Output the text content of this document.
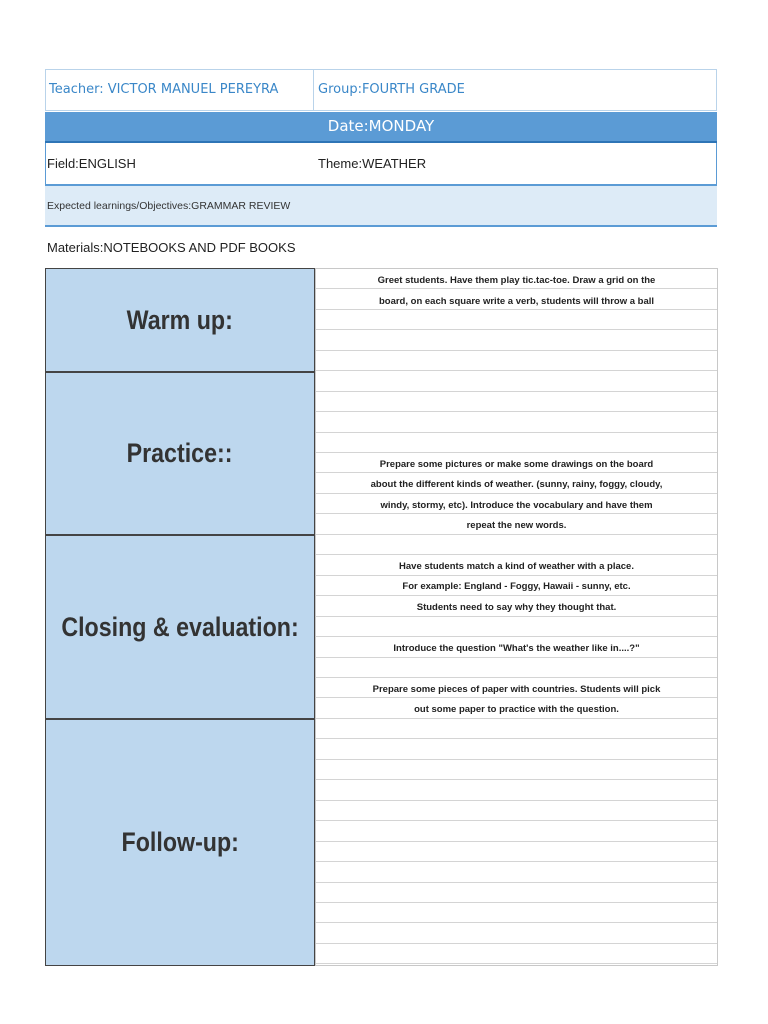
Teacher: VICTOR MANUEL PEREYRA	Group:FOURTH GRADE
Date:MONDAY
Field:ENGLISH	Theme:WEATHER
Expected learnings/Objectives:GRAMMAR REVIEW
Materials:NOTEBOOKS AND PDF BOOKS
Warm up:
Practice::
Closing & evaluation:
Follow-up:
Greet students. Have them play tic.tac-toe. Draw a grid on the
board, on each square write a verb, students will throw a ball
Prepare some pictures or make some drawings on the board
about the different kinds of weather. (sunny, rainy, foggy, cloudy,
windy, stormy, etc). Introduce the vocabulary and have them
repeat the new words.
Have students match a kind of weather with a place.
For example: England - Foggy, Hawaii - sunny, etc.
Students need to say why they thought that.
Introduce the question "What's the weather like in....?"
Prepare some pieces of paper with countries. Students will pick
out some paper to practice with the question.
